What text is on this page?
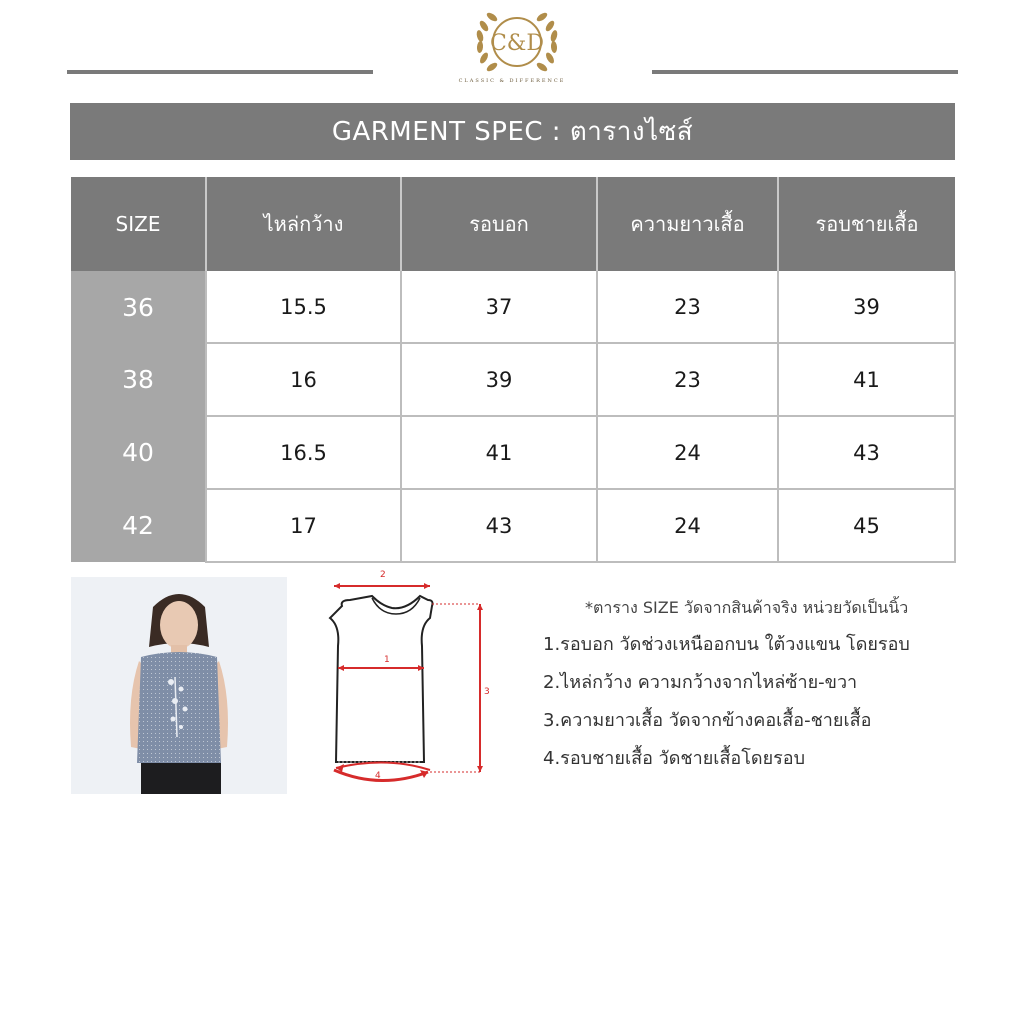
C&D
CLASSIC & DIFFERENCE
GARMENT SPEC : ตารางไซส์
SIZE	ไหล่กว้าง	รอบอก	ความยาวเสื้อ	รอบชายเสื้อ
36	15.5	37	23	39
38	16	39	23	41
40	16.5	41	24	43
42	17	43	24	45
2
1
3
4
*ตาราง SIZE วัดจากสินค้าจริง หน่วยวัดเป็นนิ้ว
1.รอบอก วัดช่วงเหนืออกบน ใต้วงแขน โดยรอบ
2.ไหล่กว้าง ความกว้างจากไหล่ซ้าย-ขวา
3.ความยาวเสื้อ วัดจากข้างคอเสื้อ-ชายเสื้อ
4.รอบชายเสื้อ วัดชายเสื้อโดยรอบ
